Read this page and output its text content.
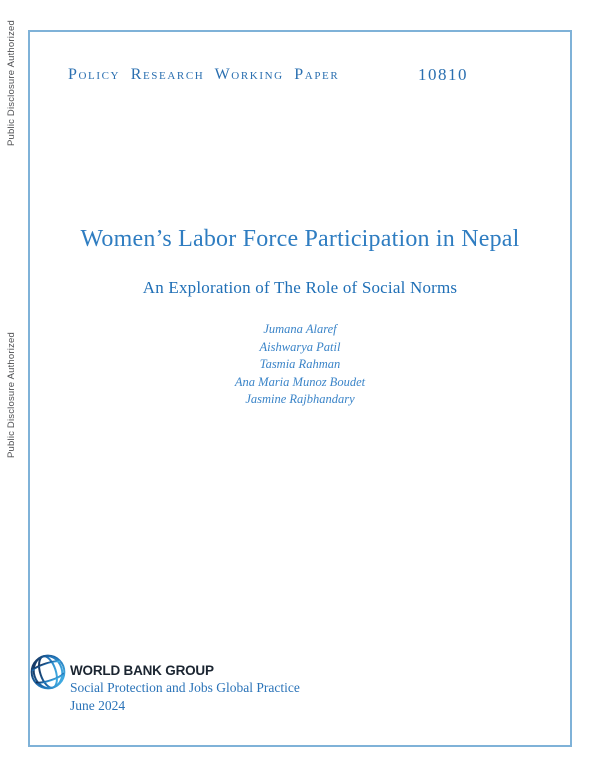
Public Disclosure Authorized
Public Disclosure Authorized
Policy Research Working Paper	10810
Women’s Labor Force Participation in Nepal
An Exploration of The Role of Social Norms
Jumana Alaref
Aishwarya Patil
Tasmia Rahman
Ana Maria Munoz Boudet
Jasmine Rajbhandary
WORLD BANK GROUP
Social Protection and Jobs Global Practice
June 2024
